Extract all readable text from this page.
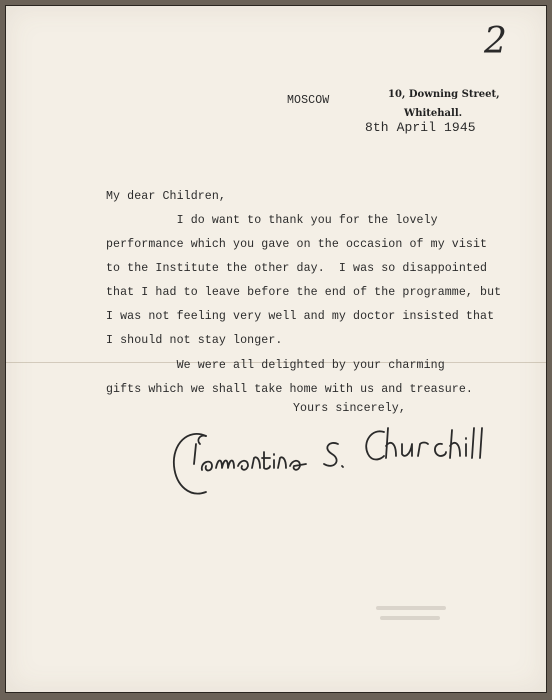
2
10, Downing Street,
Whitehall.
MOSCOW
8th April 1945
My dear Children,
I do want to thank you for the lovely
performance which you gave on the occasion of my visit
to the Institute the other day.  I was so disappointed
that I had to leave before the end of the programme, but
I was not feeling very well and my doctor insisted that
I should not stay longer.
We were all delighted by your charming
gifts which we shall take home with us and treasure.
Yours sincerely,
